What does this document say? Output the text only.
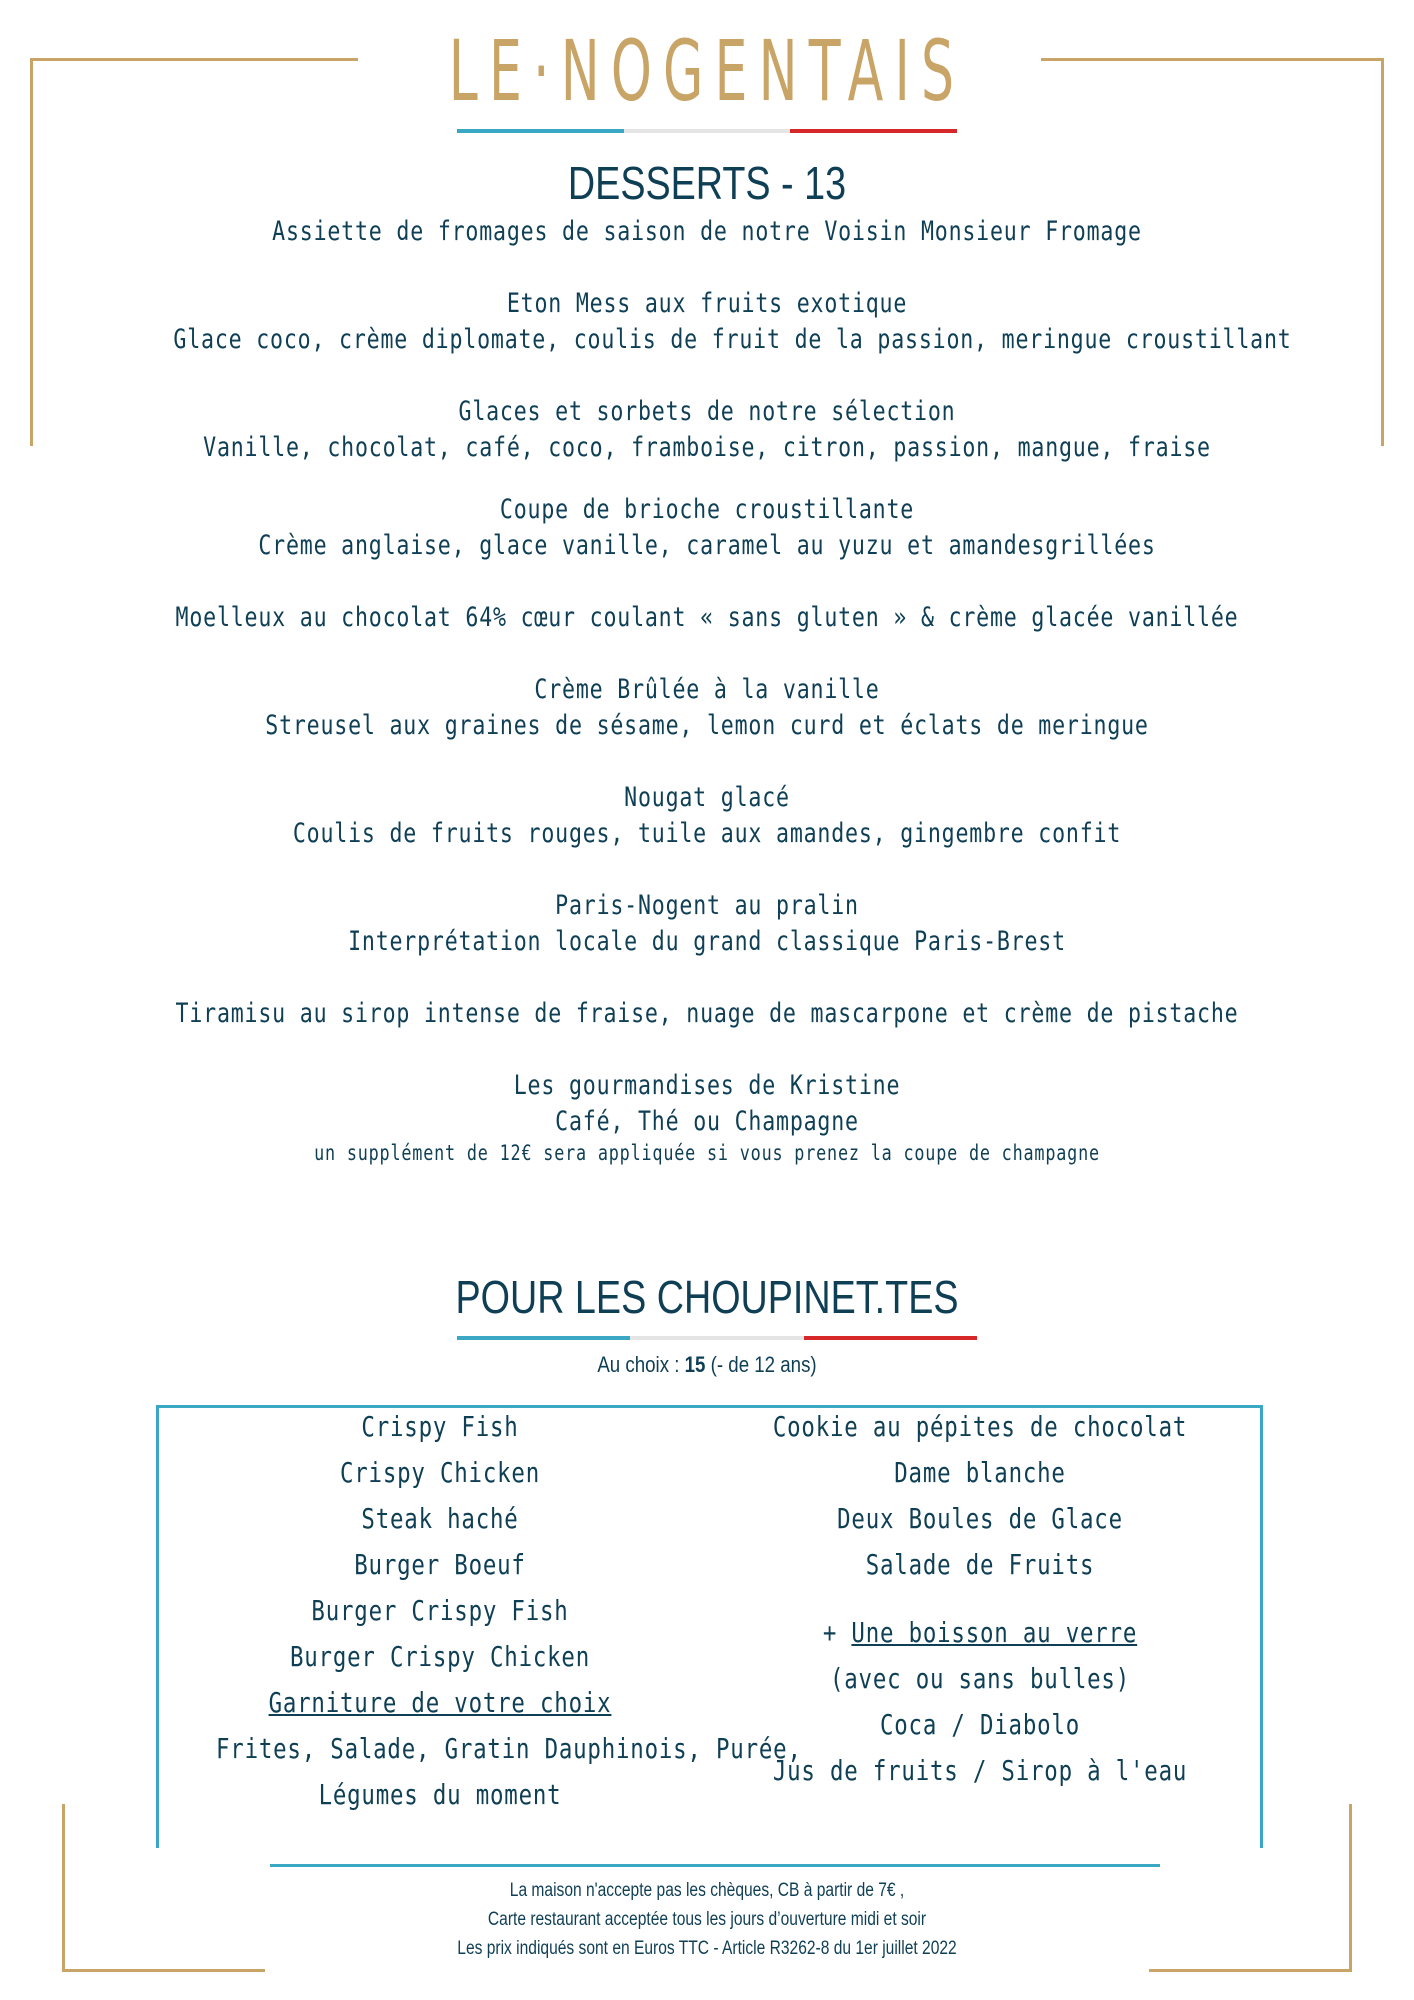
LE·NOGENTAIS
DESSERTS - 13
Assiette de fromages de saison de notre Voisin Monsieur Fromage
Eton Mess aux fruits exotique
Glace coco, crème diplomate, coulis de fruit de la passion, meringue croustillant
Glaces et sorbets de notre sélection
Vanille, chocolat, café, coco, framboise, citron, passion, mangue, fraise
Coupe de brioche croustillante
Crème anglaise, glace vanille, caramel au yuzu et amandesgrillées
Moelleux au chocolat 64% cœur coulant « sans gluten » & crème glacée vanillée
Crème Brûlée à la vanille
Streusel aux graines de sésame, lemon curd et éclats de meringue
Nougat glacé
Coulis de fruits rouges, tuile aux amandes, gingembre confit
Paris-Nogent au pralin
Interprétation locale du grand classique Paris-Brest
Tiramisu au sirop intense de fraise, nuage de mascarpone et crème de pistache
Les gourmandises de Kristine
Café, Thé ou Champagne
un supplément de 12€ sera appliquée si vous prenez la coupe de champagne
POUR LES CHOUPINET.TES
Au choix : 15 (- de 12 ans)
Crispy Fish
Crispy Chicken
Steak haché
Burger Boeuf
Burger Crispy Fish
Burger Crispy Chicken
Garniture de votre choix
Frites, Salade, Gratin Dauphinois, Purée,
Légumes du moment
Cookie au pépites de chocolat
Dame blanche
Deux Boules de Glace
Salade de Fruits
+ Une boisson au verre
(avec ou sans bulles)
Coca / Diabolo
Jus de fruits / Sirop à l'eau
La maison n'accepte pas les chèques, CB à partir de 7€ ,
Carte restaurant acceptée tous les jours d’ouverture midi et soir
Les prix indiqués sont en Euros TTC - Article R3262-8 du 1er juillet 2022
